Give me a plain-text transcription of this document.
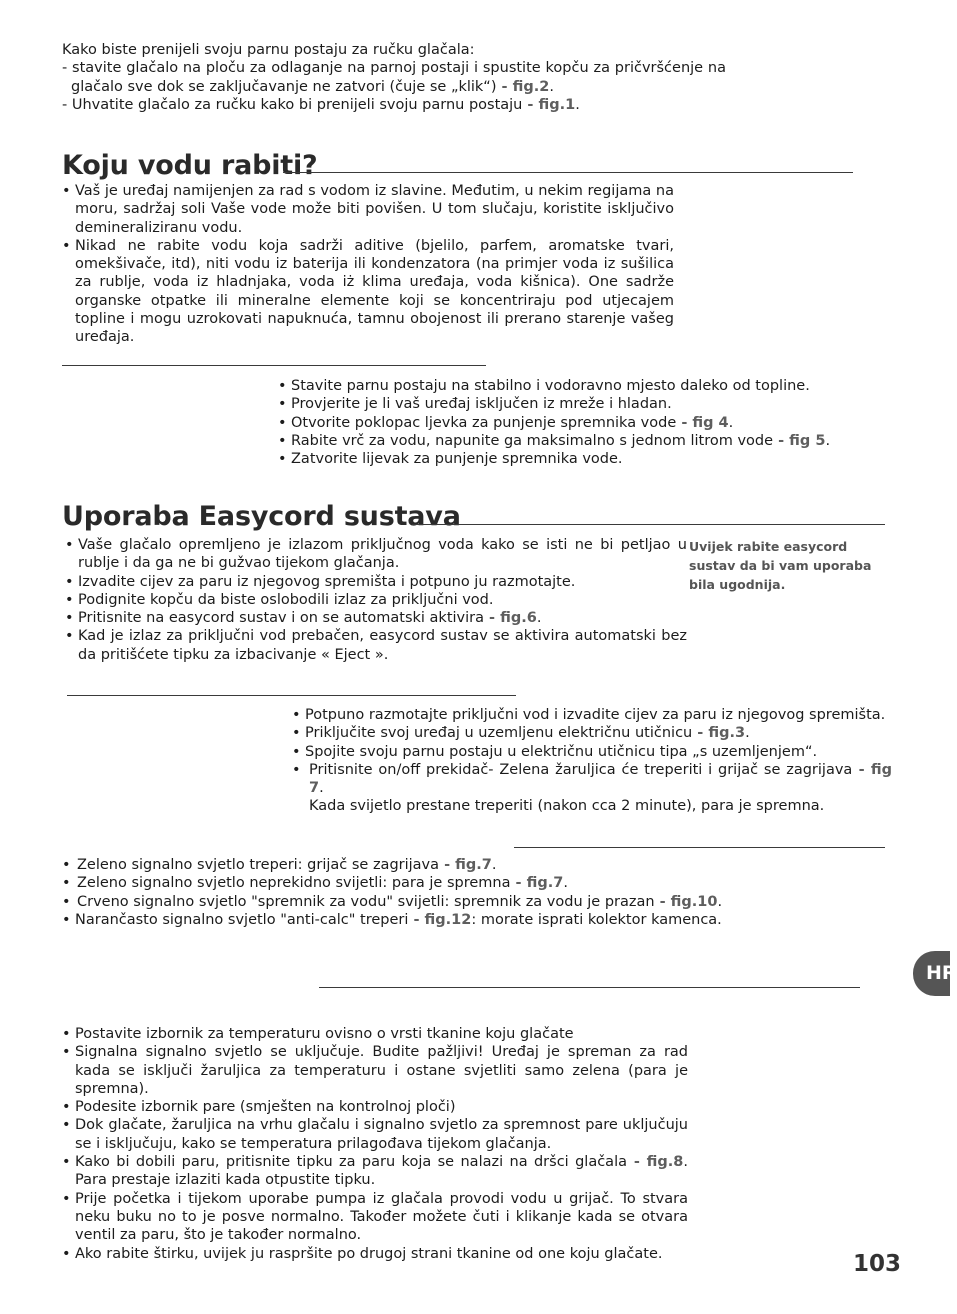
Kako biste prenijeli svoju parnu postaju za ručku glačala:

- stavite glačalo na ploču za odlaganje na parnoj postaji i spustite kopču za pričvršćenje na glačalo sve dok se zaključavanje ne zatvori (čuje se „klik“) - fig.2.

- Uhvatite glačalo za ručku kako bi prenijeli svoju parnu postaju - fig.1.

Koju vodu rabiti?
• Vaš je uređaj namijenjen za rad s vodom iz slavine. Međutim, u nekim regijama na moru, sadržaj soli Vaše vode može biti povišen. U tom slučaju, koristite isključivo demineraliziranu vodu.
• Nikad ne rabite vodu koja sadrži aditive (bjelilo, parfem, aromatske tvari, omekšivače, itd), niti vodu iz baterija ili kondenzatora (na primjer voda iz sušilica za rublje, voda iz hladnjaka, voda iż klima uređaja, voda kišnica). One sadrže organske otpatke ili mineralne elemente koji se koncentriraju pod utjecajem topline i mogu uzrokovati napuknuća, tamnu obojenost ili prerano starenje vašeg uređaja.
• Stavite parnu postaju na stabilno i vodoravno mjesto daleko od topline.
• Provjerite je li vaš uređaj isključen iz mreže i hladan.
• Otvorite poklopac ljevka za punjenje spremnika vode - fig 4.
• Rabite vrč za vodu, napunite ga maksimalno s jednom litrom vode - fig 5.
• Zatvorite lijevak za punjenje spremnika vode.
Uporaba Easycord sustava
• Vaše glačalo opremljeno je izlazom priključnog voda kako se isti ne bi petljao u rublje i da ga ne bi gužvao tijekom glačanja.
• Izvadite cijev za paru iz njegovog spremišta i potpuno ju razmotajte.
• Podignite kopču da biste oslobodili izlaz za priključni vod.
• Pritisnite na easycord sustav i on se automatski aktivira - fig.6.
• Kad je izlaz za priključni vod prebačen, easycord sustav se aktivira automatski bez da pritišćete tipku za izbacivanje « Eject ».
Uvijek rabite easycord sustav da bi vam uporaba bila ugodnija.
• Potpuno razmotajte priključni vod i izvadite cijev za paru iz njegovog spremišta.
• Priključite svoj uređaj u uzemljenu električnu utičnicu - fig.3.
• Spojite svoju parnu postaju u električnu utičnicu tipa „s uzemljenjem“.
• Pritisnite on/off prekidač- Zelena žaruljica će treperiti i grijač se zagrijava - fig 7.
Kada svijetlo prestane treperiti (nakon cca 2 minute), para je spremna.
• Zeleno signalno svjetlo treperi: grijač se zagrijava - fig.7.
• Zeleno signalno svjetlo neprekidno svijetli: para je spremna - fig.7.
• Crveno signalno svjetlo "spremnik za vodu" svijetli: spremnik za vodu je prazan - fig.10.
• Narančasto signalno svjetlo "anti-calc" treperi - fig.12: morate isprati kolektor kamenca.
HR
• Postavite izbornik za temperaturu ovisno o vrsti tkanine koju glačate
• Signalna signalno svjetlo se uključuje. Budite pažljivi! Uređaj je spreman za rad kada se isključi žaruljica za temperaturu i ostane svjetliti samo zelena (para je spremna).
• Podesite izbornik pare (smješten na kontrolnoj ploči)
• Dok glačate, žaruljica na vrhu glačalu i signalno svjetlo za spremnost pare uključuju se i isključuju, kako se temperatura prilagođava tijekom glačanja.
• Kako bi dobili paru, pritisnite tipku za paru koja se nalazi na dršci glačala - fig.8. Para prestaje izlaziti kada otpustite tipku.
• Prije početka i tijekom uporabe pumpa iz glačala provodi vodu u grijač. To stvara neku buku no to je posve normalno. Također možete čuti i klikanje kada se otvara ventil za paru, što je također normalno.
• Ako rabite štirku, uvijek ju raspršite po drugoj strani tkanine od one koju glačate.	103
